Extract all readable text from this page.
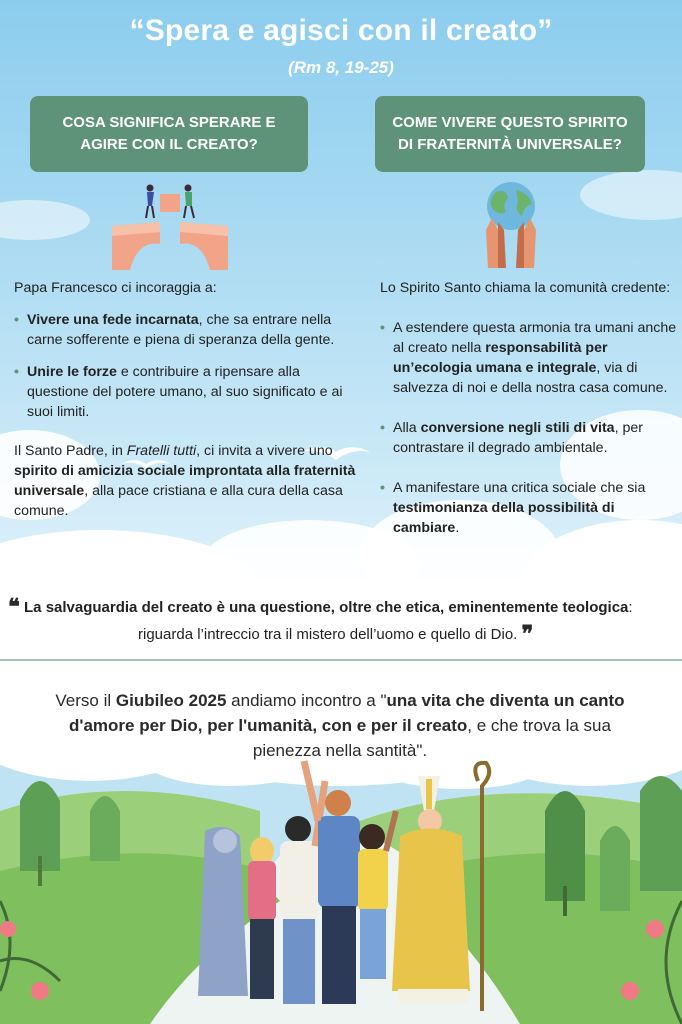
“Spera e agisci con il creato”
(Rm 8, 19-25)
COSA SIGNIFICA SPERARE E AGIRE CON IL CREATO?
COME VIVERE QUESTO SPIRITO DI FRATERNITÀ UNIVERSALE?

Papa Francesco ci incoraggia a:

• Vivere una fede incarnata, che sa entrare nella carne sofferente e piena di speranza della gente.
• Unire le forze e contribuire a ripensare alla questione del potere umano, al suo significato e ai suoi limiti.

Il Santo Padre, in Fratelli tutti, ci invita a vivere uno spirito di amicizia sociale improntata alla fraternità universale, alla pace cristiana e alla cura della casa comune.

Lo Spirito Santo chiama la comunità credente:

• A estendere questa armonia tra umani anche al creato nella responsabilità per un’ecologia umana e integrale, via di salvezza di noi e della nostra casa comune.
• Alla conversione negli stili di vita, per contrastare il degrado ambientale.
• A manifestare una critica sociale che sia testimonianza della possibilità di cambiare.
❝ La salvaguardia del creato è una questione, oltre che etica, eminentemente teologica:
riguarda l’intreccio tra il mistero dell’uomo e quello di Dio. ❞
Verso il Giubileo 2025 andiamo incontro a "una vita che diventa un canto d'amore per Dio, per l'umanità, con e per il creato, e che trova la sua pienezza nella santità".
